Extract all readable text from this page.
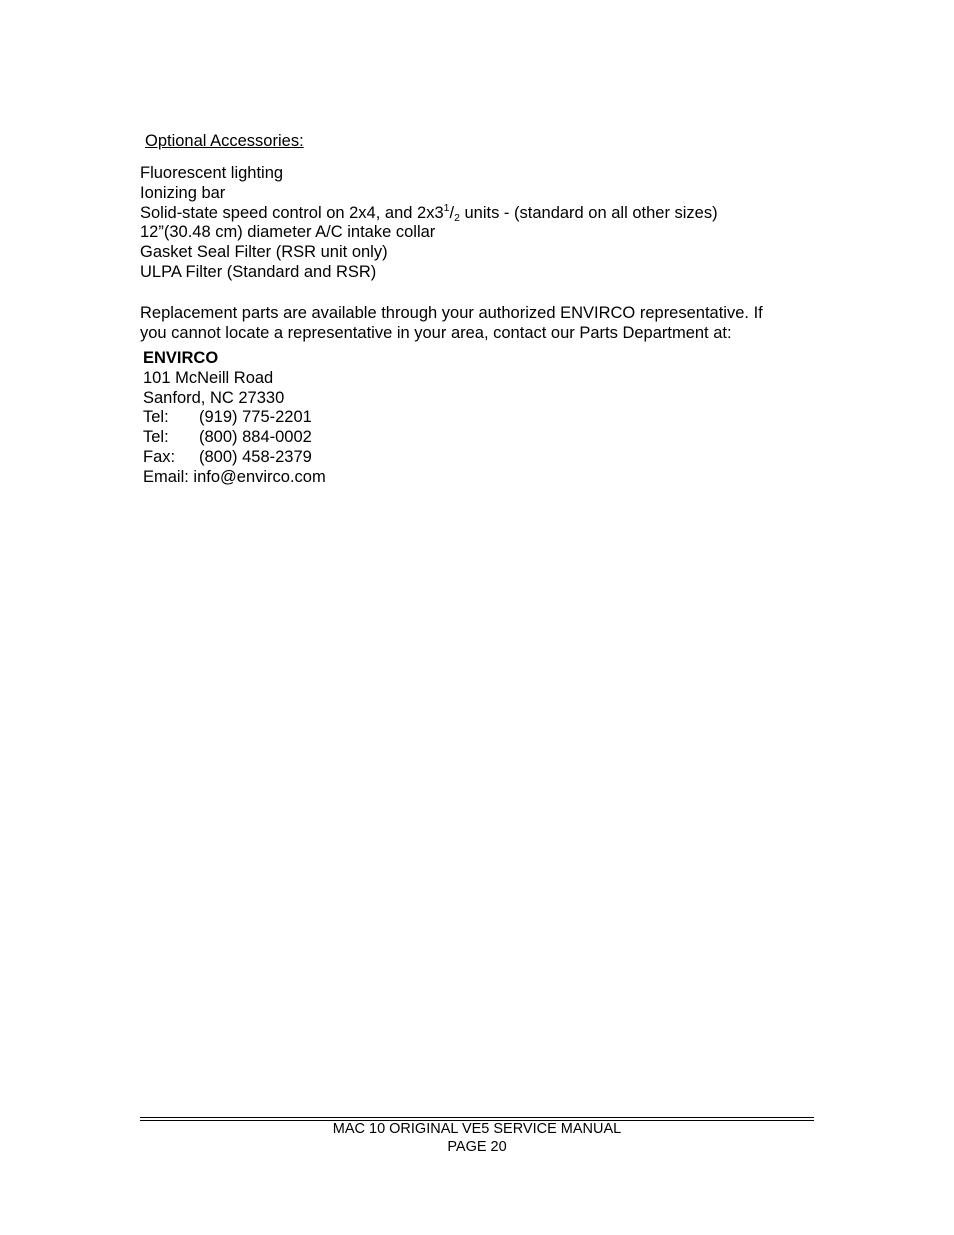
Optional Accessories:
Fluorescent lighting
Ionizing bar
Solid-state speed control on 2x4, and $2x3^1/_2$ units - (standard on all other sizes)
12”(30.48 cm) diameter A/C intake collar
Gasket Seal Filter (RSR unit only)
ULPA Filter (Standard and RSR)
Replacement parts are available through your authorized ENVIRCO representative. If
you cannot locate a representative in your area, contact our Parts Department at:
ENVIRCO
101 McNeill Road
Sanford, NC 27330
Tel: (919) 775-2201
Tel: (800) 884-0002
Fax: (800) 458-2379
Email: info@envirco.com
MAC 10 ORIGINAL VE5 SERVICE MANUAL
PAGE 20
